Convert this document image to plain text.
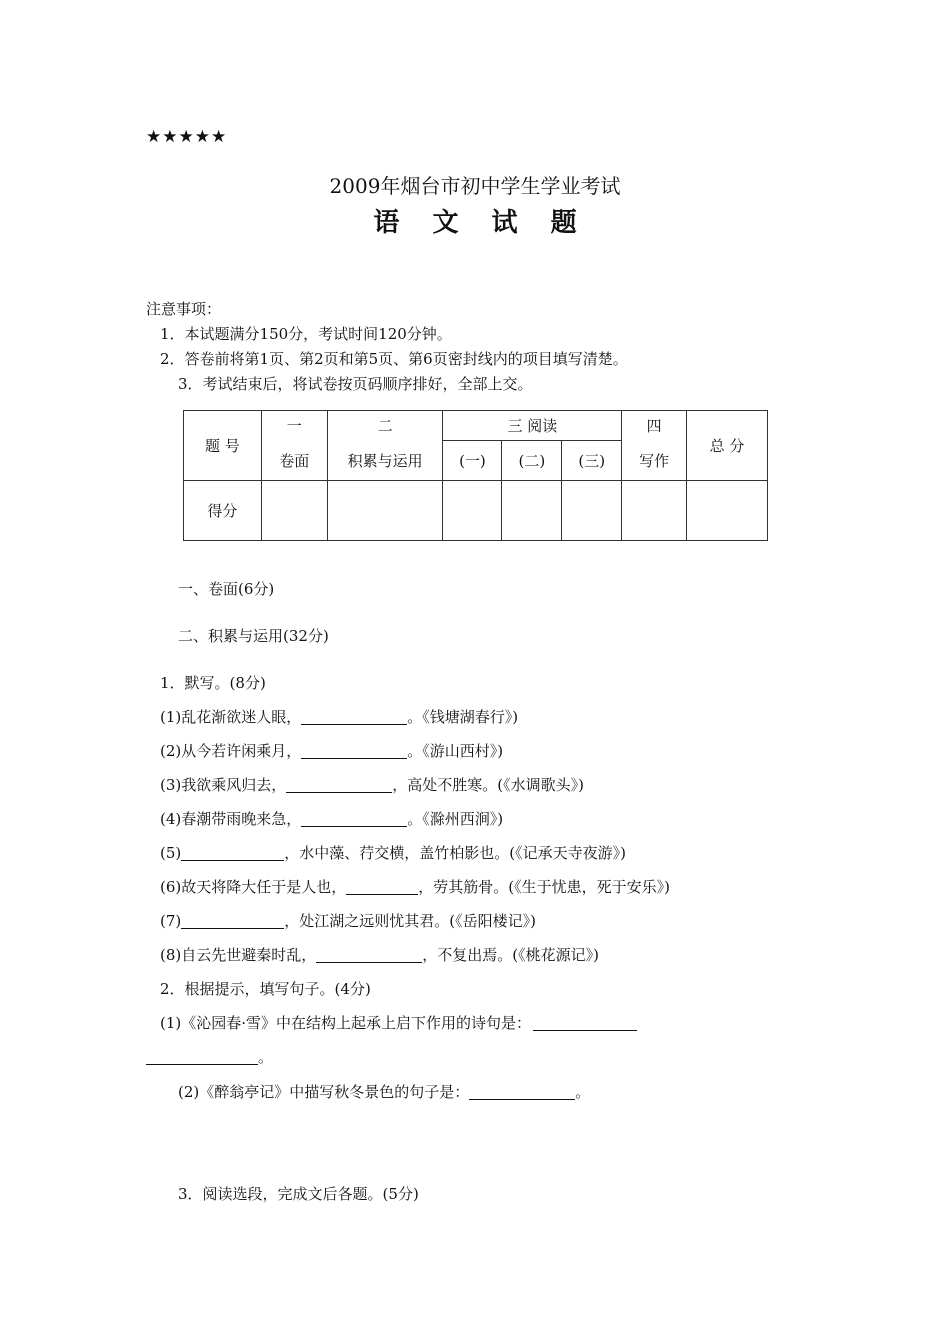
★★★★★
2009年烟台市初中学生学业考试
语 文 试 题
注意事项：
1．本试题满分150分，考试时间120分钟。
2．答卷前将第1页、第2页和第5页、第6页密封线内的项目填写清楚。
3．考试结束后，将试卷按页码顺序排好，全部上交。
题 号	一	二	三 阅读			四	总 分
	卷面	积累与运用	(一)	(二)	(三)	写作	
得分							
一、卷面(6分)
二、积累与运用(32分)
1．默写。(8分)
(1)乱花渐欲迷人眼，	。《钱塘湖春行》)
(2)从今若许闲乘月，	。《游山西村》)
(3)我欲乘风归去，	，高处不胜寒。(《水调歌头》)
(4)春潮带雨晚来急，	。《滁州西涧》)
(5)	，水中藻、荇交横，盖竹柏影也。(《记承天寺夜游》)
(6)故天将降大任于是人也，	，劳其筋骨。(《生于忧患，死于安乐》)
(7)	，处江湖之远则忧其君。(《岳阳楼记》)
(8)自云先世避秦时乱，	，不复出焉。(《桃花源记》)
2．根据提示，填写句子。(4分)
(1)《沁园春·雪》中在结构上起承上启下作用的诗句是：
。
(2)《醉翁亭记》中描写秋冬景色的句子是：	。
3．阅读选段，完成文后各题。(5分)
